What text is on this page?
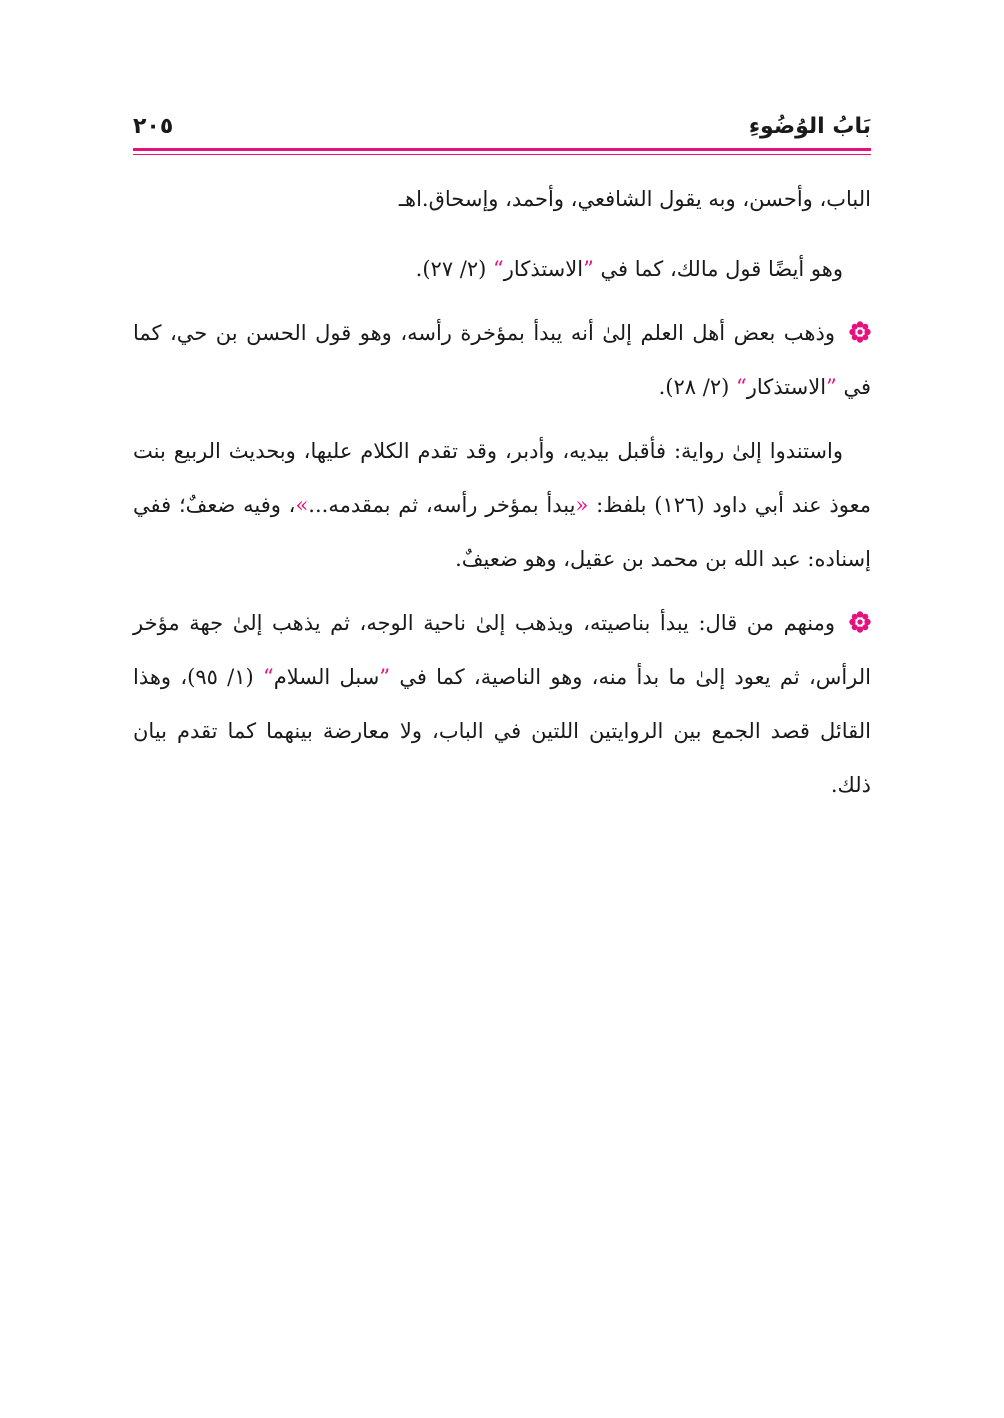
بَابُ الوُضُوءِ
٢٠٥

الباب، وأحسن، وبه يقول الشافعي، وأحمد، وإسحاق.اهـ

وهو أيضًا قول مالك، كما في ”الاستذكار“ (٢/ ٢٧).

وذهب بعض أهل العلم إلىٰ أنه يبدأ بمؤخرة رأسه، وهو قول الحسن بن حي، كما في ”الاستذكار“ (٢/ ٢٨).

واستندوا إلىٰ رواية: فأقبل بيديه، وأدبر، وقد تقدم الكلام عليها، وبحديث الربيع بنت معوذ عند أبي داود (١٢٦) بلفظ: «يبدأ بمؤخر رأسه، ثم بمقدمه...»، وفيه ضعفٌ؛ ففي إسناده: عبد الله بن محمد بن عقيل، وهو ضعيفٌ.

ومنهم من قال: يبدأ بناصيته، ويذهب إلىٰ ناحية الوجه، ثم يذهب إلىٰ جهة مؤخر الرأس، ثم يعود إلىٰ ما بدأ منه، وهو الناصية، كما في ”سبل السلام“ (١/ ٩٥)، وهذا القائل قصد الجمع بين الروايتين اللتين في الباب، ولا معارضة بينهما كما تقدم بيان ذلك.
